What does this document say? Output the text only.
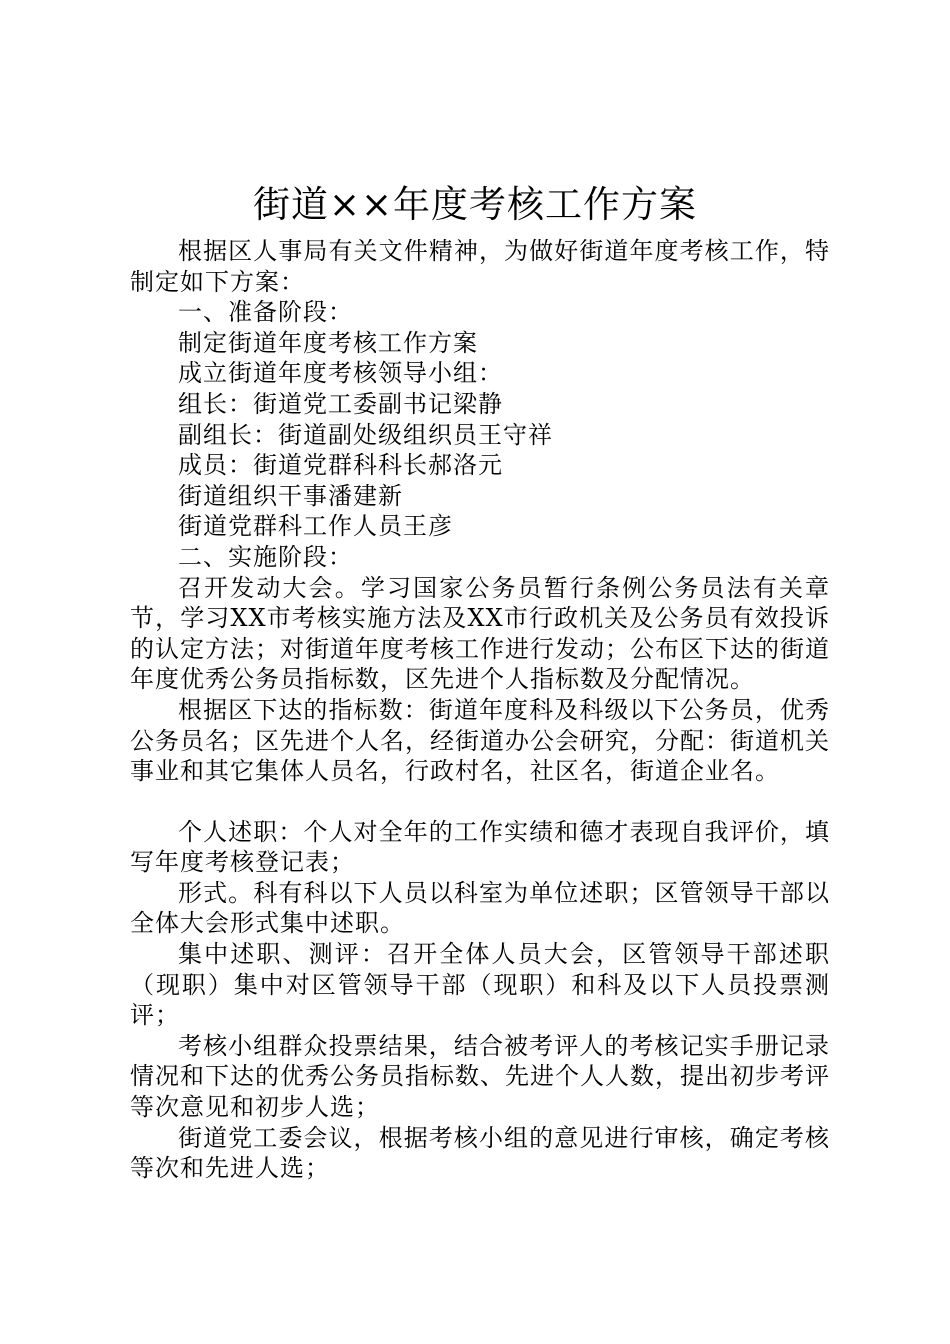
街道××年度考核工作方案

根据区人事局有关文件精神，为做好街道年度考核工作，特制定如下方案：

一、准备阶段：

制定街道年度考核工作方案

成立街道年度考核领导小组：

组长：街道党工委副书记梁静

副组长：街道副处级组织员王守祥

成员：街道党群科科长郝洛元

街道组织干事潘建新

街道党群科工作人员王彦

二、实施阶段：

召开发动大会。学习国家公务员暂行条例公务员法有关章节，学习XX市考核实施方法及XX市行政机关及公务员有效投诉的认定方法；对街道年度考核工作进行发动；公布区下达的街道年度优秀公务员指标数，区先进个人指标数及分配情况。

根据区下达的指标数：街道年度科及科级以下公务员，优秀公务员名；区先进个人名，经街道办公会研究，分配：街道机关事业和其它集体人员名，行政村名，社区名，街道企业名。

个人述职：个人对全年的工作实绩和德才表现自我评价，填写年度考核登记表；

形式。科有科以下人员以科室为单位述职；区管领导干部以全体大会形式集中述职。

集中述职、测评：召开全体人员大会，区管领导干部述职（现职）集中对区管领导干部（现职）和科及以下人员投票测评；

考核小组群众投票结果，结合被考评人的考核记实手册记录情况和下达的优秀公务员指标数、先进个人人数，提出初步考评等次意见和初步人选；

街道党工委会议，根据考核小组的意见进行审核，确定考核等次和先进人选；
